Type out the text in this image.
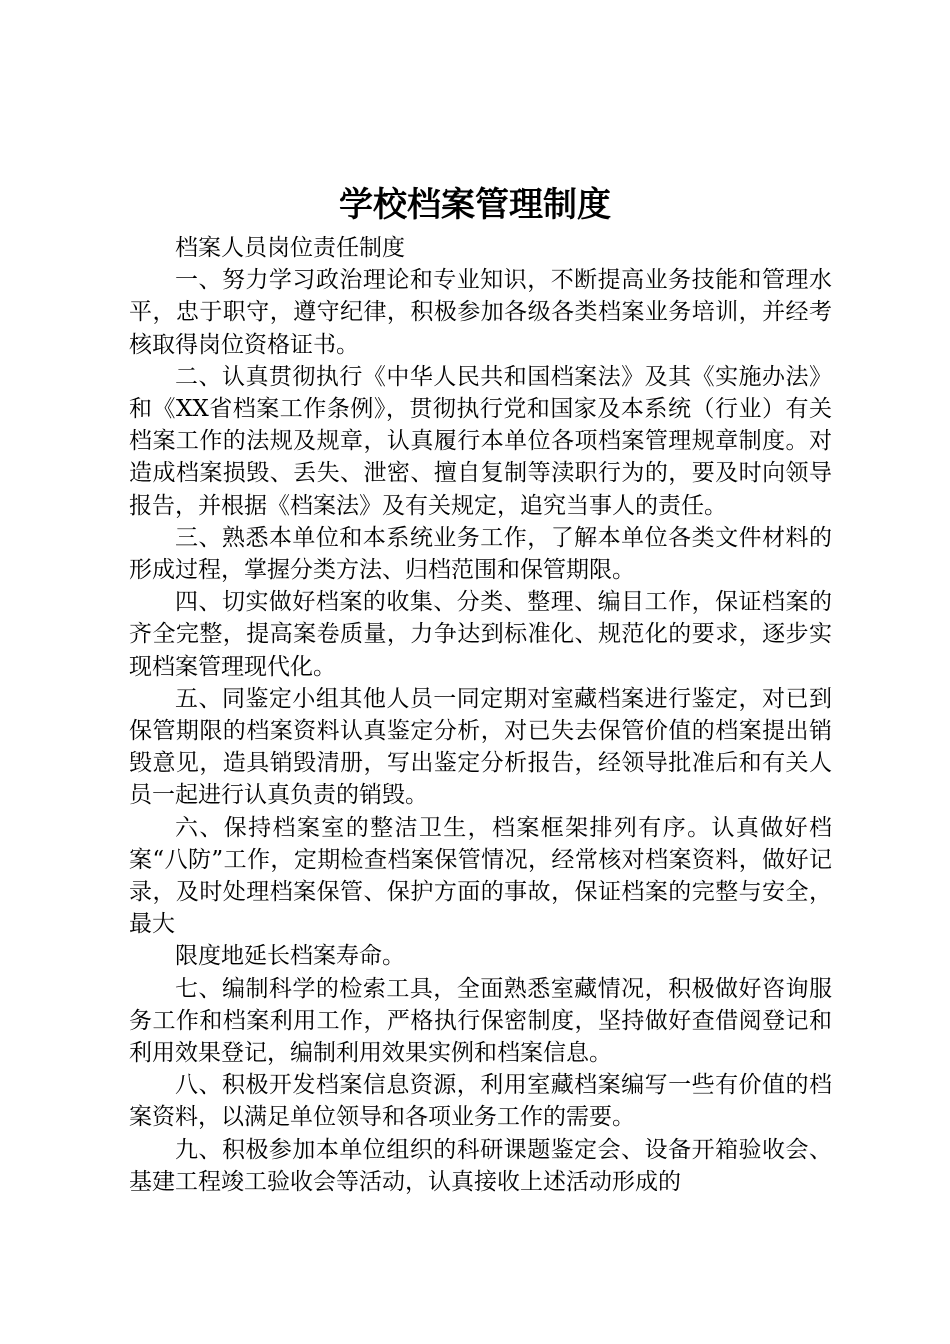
学校档案管理制度

档案人员岗位责任制度

一、努力学习政治理论和专业知识，不断提高业务技能和管理水平，忠于职守，遵守纪律，积极参加各级各类档案业务培训，并经考核取得岗位资格证书。

二、认真贯彻执行《中华人民共和国档案法》及其《实施办法》和《XX省档案工作条例》，贯彻执行党和国家及本系统（行业）有关档案工作的法规及规章，认真履行本单位各项档案管理规章制度。对造成档案损毁、丢失、泄密、擅自复制等渎职行为的，要及时向领导报告，并根据《档案法》及有关规定，追究当事人的责任。

三、熟悉本单位和本系统业务工作，了解本单位各类文件材料的形成过程，掌握分类方法、归档范围和保管期限。

四、切实做好档案的收集、分类、整理、编目工作，保证档案的齐全完整，提高案卷质量，力争达到标准化、规范化的要求，逐步实现档案管理现代化。

五、同鉴定小组其他人员一同定期对室藏档案进行鉴定，对已到保管期限的档案资料认真鉴定分析，对已失去保管价值的档案提出销毁意见，造具销毁清册，写出鉴定分析报告，经领导批准后和有关人员一起进行认真负责的销毁。

六、保持档案室的整洁卫生，档案框架排列有序。认真做好档案“八防”工作，定期检查档案保管情况，经常核对档案资料，做好记录，及时处理档案保管、保护方面的事故，保证档案的完整与安全，最大

限度地延长档案寿命。

七、编制科学的检索工具，全面熟悉室藏情况，积极做好咨询服务工作和档案利用工作，严格执行保密制度，坚持做好查借阅登记和利用效果登记，编制利用效果实例和档案信息。

八、积极开发档案信息资源，利用室藏档案编写一些有价值的档案资料，以满足单位领导和各项业务工作的需要。

九、积极参加本单位组织的科研课题鉴定会、设备开箱验收会、基建工程竣工验收会等活动，认真接收上述活动形成的
